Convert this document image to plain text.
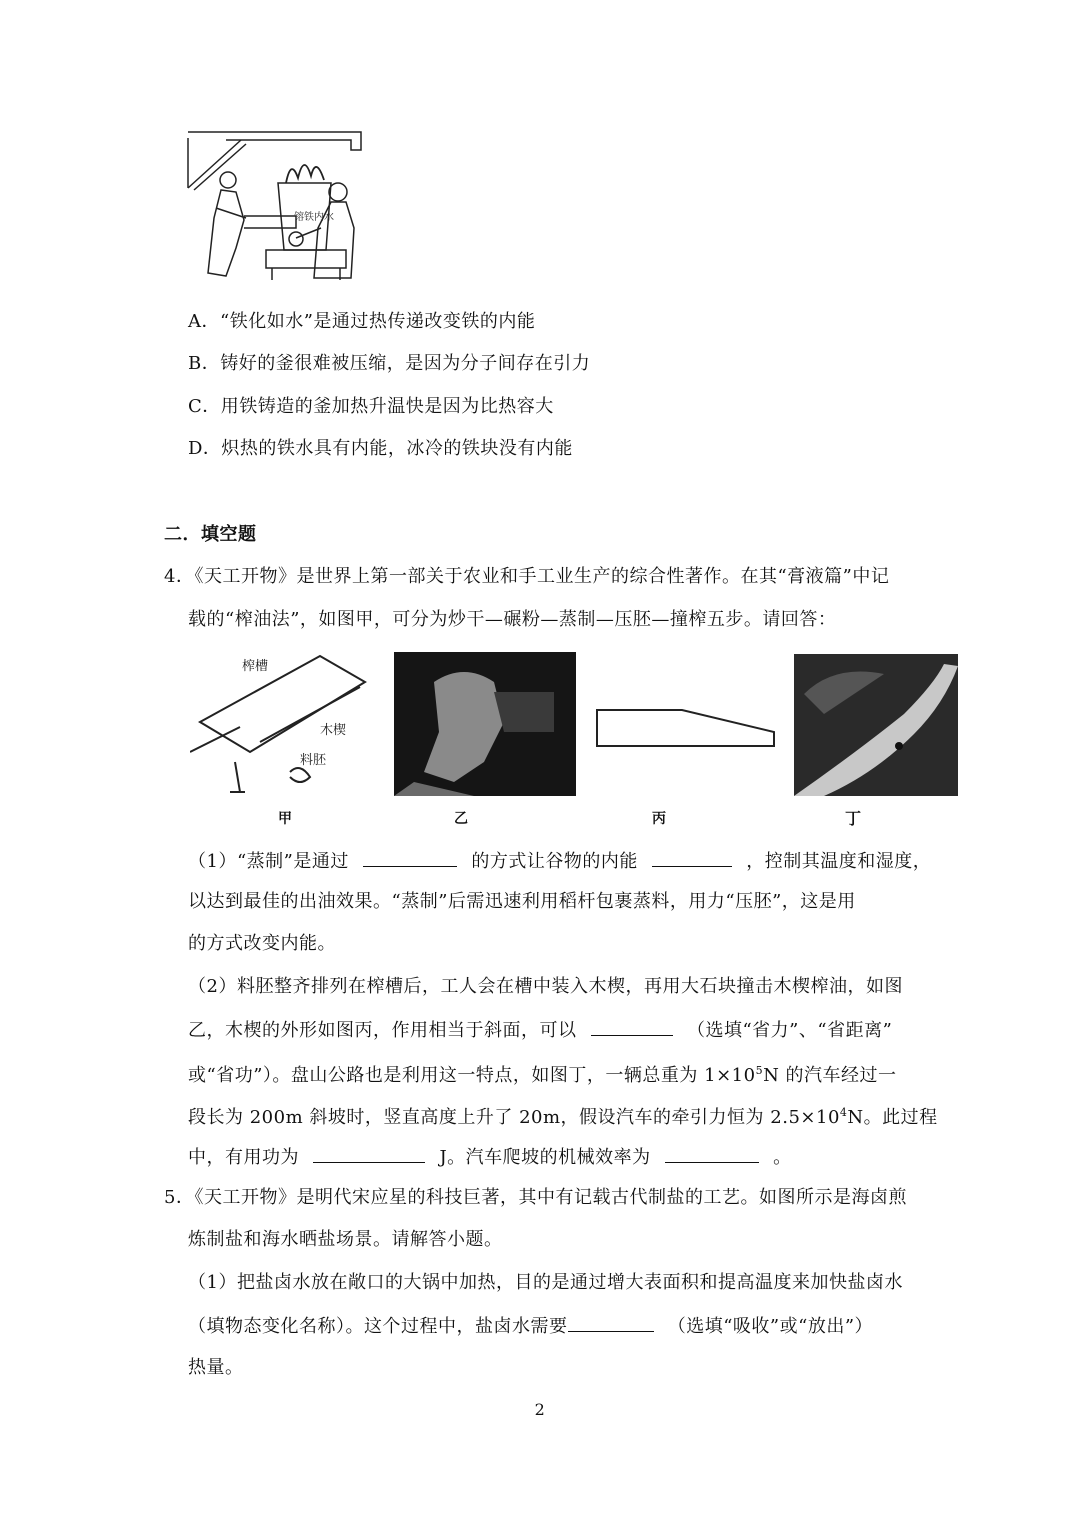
镕铁内水
A．“铁化如水”是通过热传递改变铁的内能
B．铸好的釜很难被压缩，是因为分子间存在引力
C．用铁铸造的釜加热升温快是因为比热容大
D．炽热的铁水具有内能，冰冷的铁块没有内能
二．填空题
4．《天工开物》是世界上第一部关于农业和手工业生产的综合性著作。在其“膏液篇”中记
载的“榨油法”，如图甲，可分为炒干—碾粉—蒸制—压胚—撞榨五步。请回答：
榨槽
木楔
料胚
甲	乙	丙	丁
（1）“蒸制”是通过	的方式让谷物的内能	，控制其温度和湿度，
以达到最佳的出油效果。“蒸制”后需迅速利用稻杆包裹蒸料，用力“压胚”，这是用
的方式改变内能。
（2）料胚整齐排列在榨槽后，工人会在槽中装入木楔，再用大石块撞击木楔榨油，如图
乙，木楔的外形如图丙，作用相当于斜面，可以	（选填“省力”、“省距离”
或“省功”）。盘山公路也是利用这一特点，如图丁，一辆总重为 $1\times 10^5N$ 的汽车经过一
段长为 200m 斜坡时，竖直高度上升了 20m，假设汽车的牵引力恒为 $2.5\times 10^4N$。此过程
中，有用功为	J。汽车爬坡的机械效率为	。
5．《天工开物》是明代宋应星的科技巨著，其中有记载古代制盐的工艺。如图所示是海卤煎
炼制盐和海水晒盐场景。请解答小题。
（1）把盐卤水放在敞口的大锅中加热，目的是通过增大表面积和提高温度来加快盐卤水
（填物态变化名称）。这个过程中，盐卤水需要	（选填“吸收”或“放出”）
热量。
2
